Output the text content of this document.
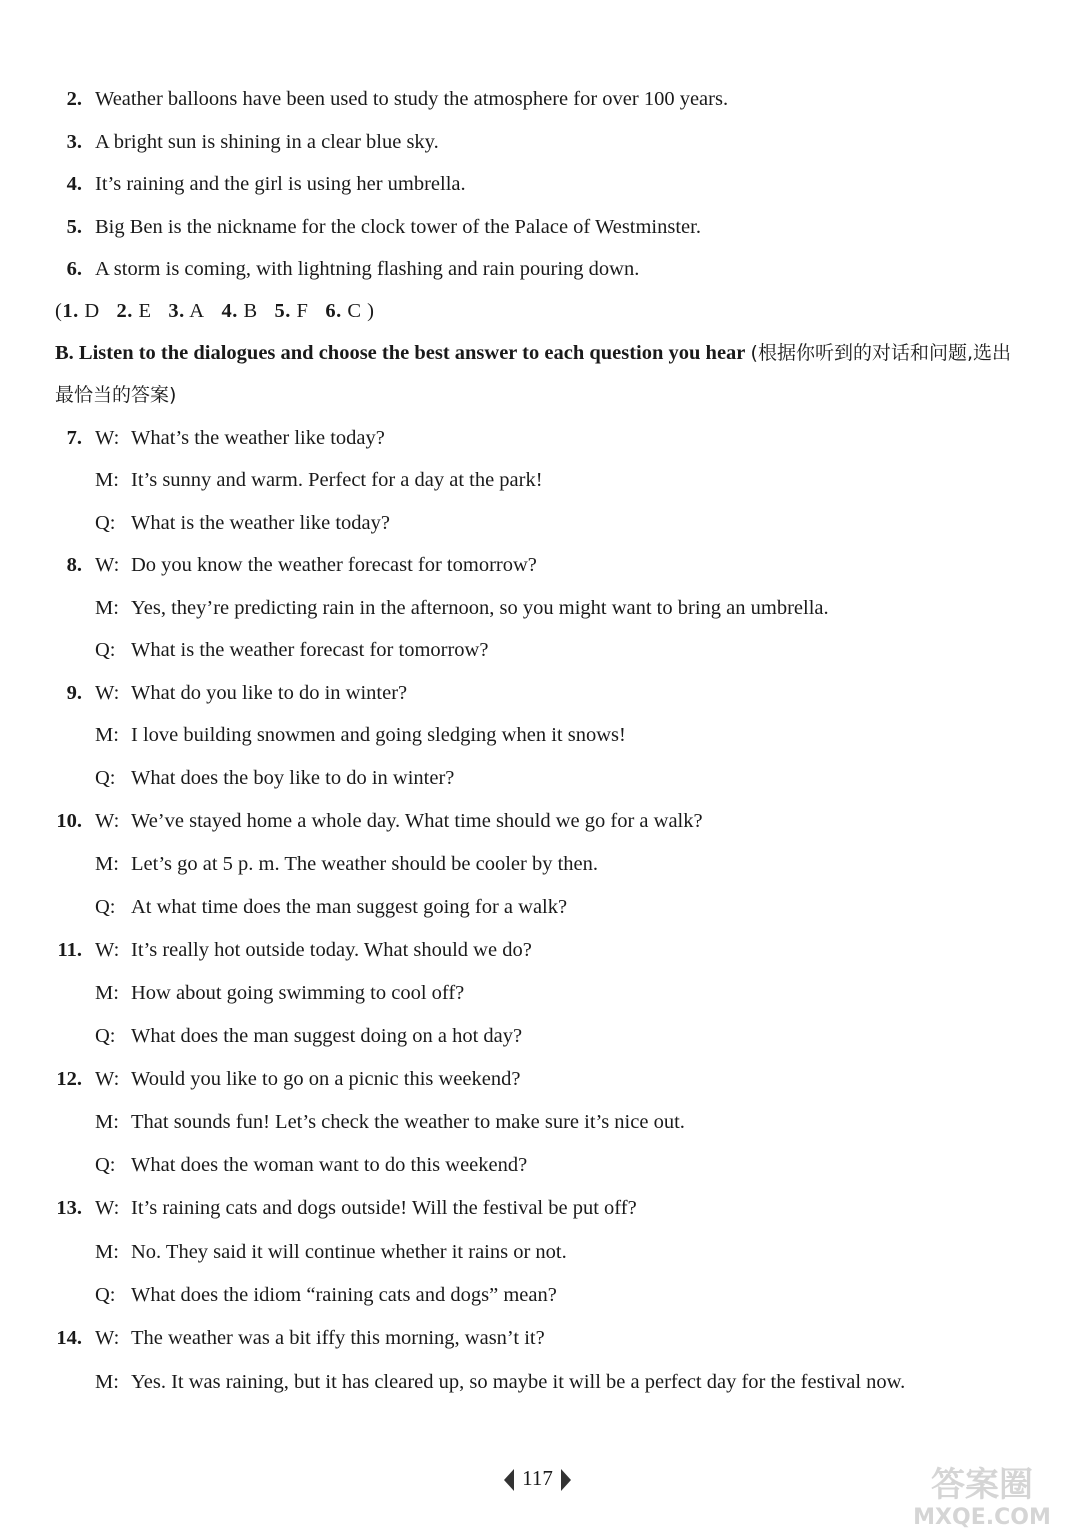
2. Weather balloons have been used to study the atmosphere for over 100 years.
3. A bright sun is shining in a clear blue sky.
4. It’s raining and the girl is using her umbrella.
5. Big Ben is the nickname for the clock tower of the Palace of Westminster.
6. A storm is coming, with lightning flashing and rain pouring down.
(1. D 2. E 3. A 4. B 5. F 6. C )
B. Listen to the dialogues and choose the best answer to each question you hear (根据你听到的对话和问题,选出最恰当的答案)
7. W: What’s the weather like today?
M: It’s sunny and warm. Perfect for a day at the park!
Q: What is the weather like today?
8. W: Do you know the weather forecast for tomorrow?
M: Yes, they’re predicting rain in the afternoon, so you might want to bring an umbrella.
Q: What is the weather forecast for tomorrow?
9. W: What do you like to do in winter?
M: I love building snowmen and going sledging when it snows!
Q: What does the boy like to do in winter?
10. W: We’ve stayed home a whole day. What time should we go for a walk?
M: Let’s go at 5 p. m. The weather should be cooler by then.
Q: At what time does the man suggest going for a walk?
11. W: It’s really hot outside today. What should we do?
M: How about going swimming to cool off?
Q: What does the man suggest doing on a hot day?
12. W: Would you like to go on a picnic this weekend?
M: That sounds fun! Let’s check the weather to make sure it’s nice out.
Q: What does the woman want to do this weekend?
13. W: It’s raining cats and dogs outside! Will the festival be put off?
M: No. They said it will continue whether it rains or not.
Q: What does the idiom “raining cats and dogs” mean?
14. W: The weather was a bit iffy this morning, wasn’t it?
M: Yes. It was raining, but it has cleared up, so maybe it will be a perfect day for the festival now.
117	答案圈
MXQE.COM
